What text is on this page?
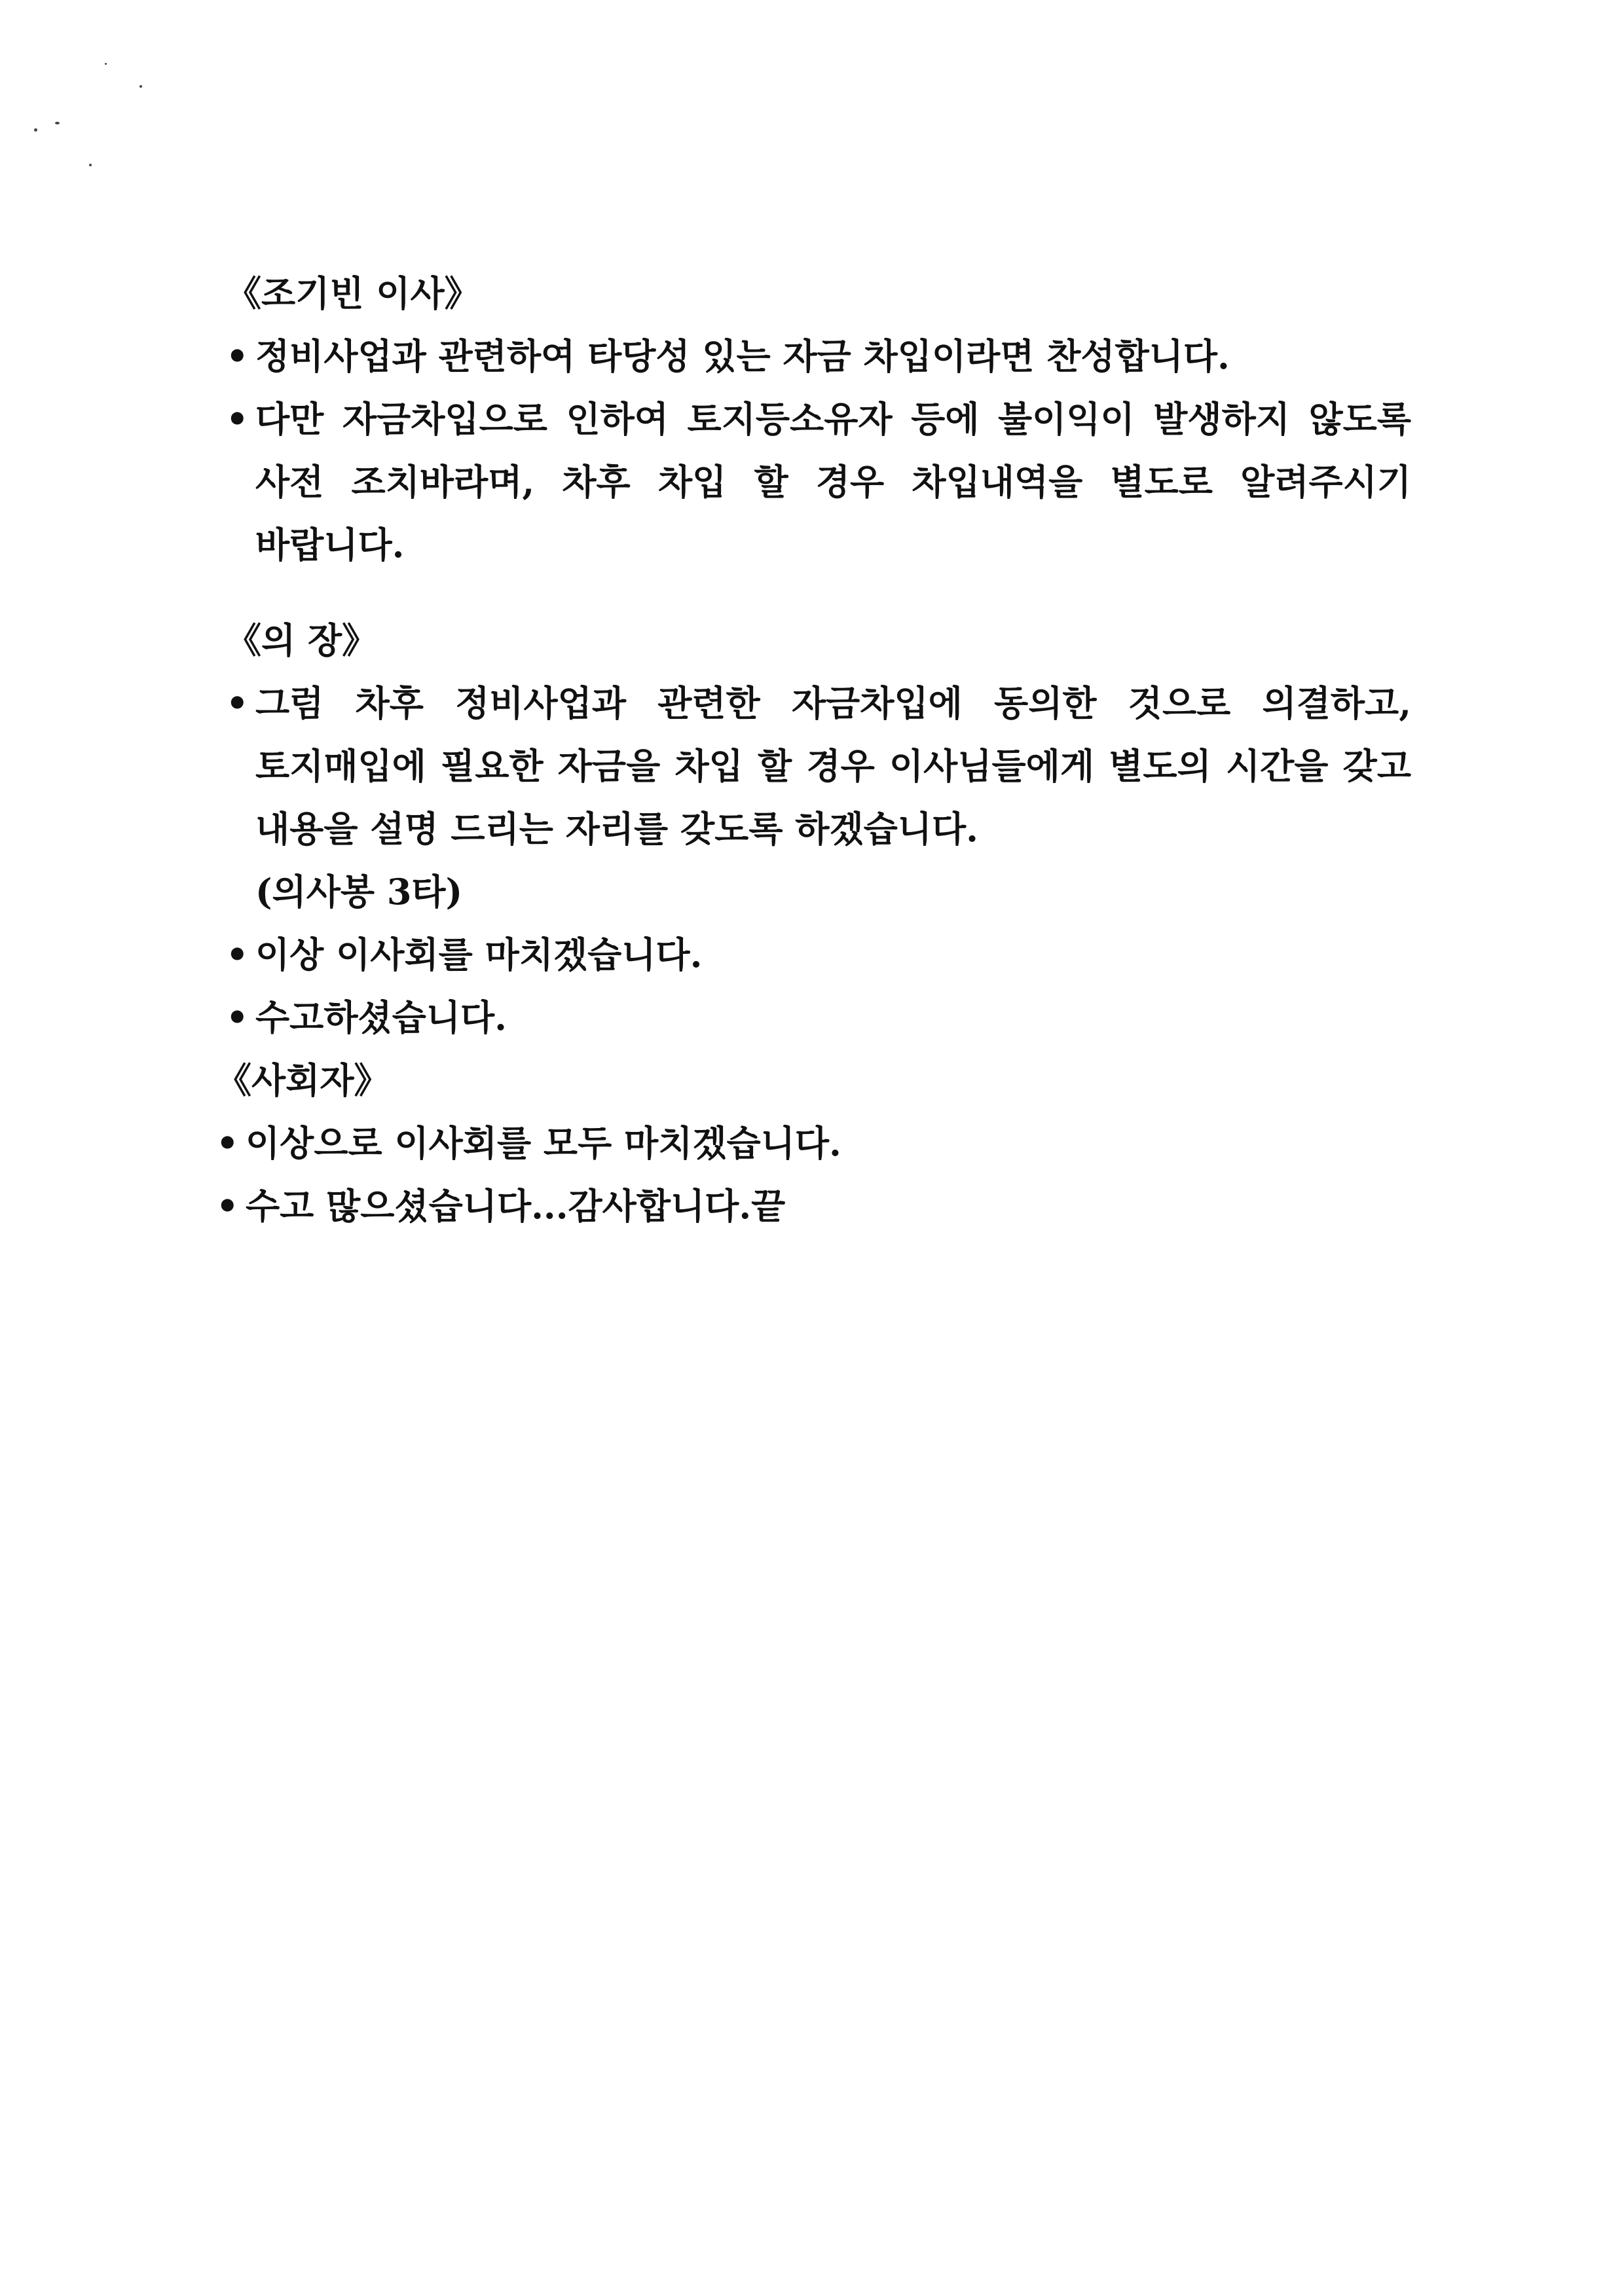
《조기빈 이사》

• 정비사업과 관련하여 타당성 있는 자금 차입이라면 찬성합니다.

• 다만 자금차입으로 인하여 토지등소유자 등에 불이익이 발생하지 않도록 사전 조치바라며, 차후 차입 할 경우 차입내역을 별도로 알려주시기 바랍니다.

《의 장》

• 그럼 차후 정비사업과 관련한 자금차입에 동의한 것으로 의결하고, 토지매입에 필요한 자금을 차입 할 경우 이사님들에게 별도의 시간을 갖고 내용을 설명 드리는 자리를 갖도록 하겠습니다.

(의사봉 3타)

• 이상 이사회를 마치겠습니다.

• 수고하셨습니다.

《사회자》

• 이상으로 이사회를 모두 마치겠습니다.

• 수고 많으셨습니다...감사합니다.끝
